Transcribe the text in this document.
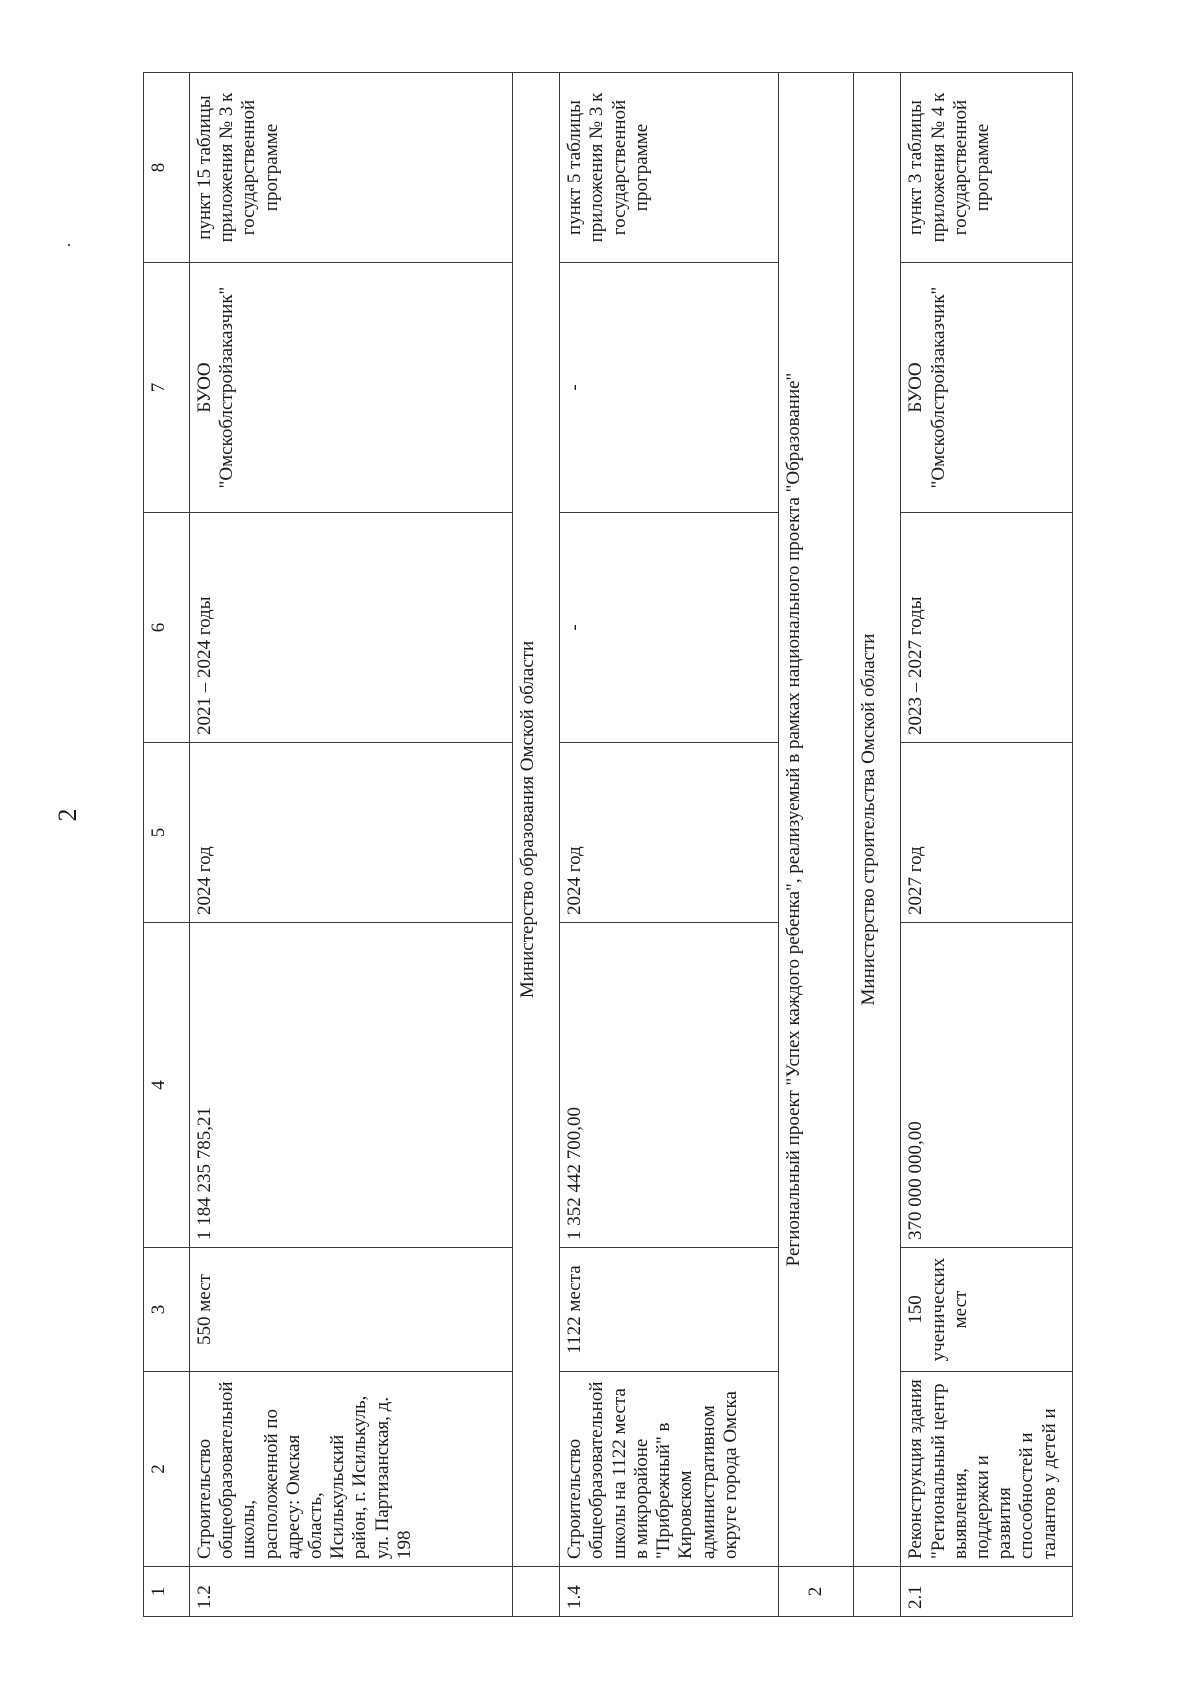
2
1	2	3	4	5	6	7	8
1.2	Строительство общеобразовательной школы, расположенной по адресу: Омская область, Исилькульский район, г. Исилькуль, ул. Партизанская, д. 198	550 мест	1 184 235 785,21	2024 год	2021 – 2024 годы	БУОО "Омскоблстройзаказчик"	пункт 15 таблицы приложения № 3 к государственной программе
	Министерство образования Омской области						
1.4	Строительство общеобразовательной школы на 1122 места в микрорайоне "Прибрежный" в Кировском административном округе города Омска	1122 места	1 352 442 700,00	2024 год	-	-	пункт 5 таблицы приложения № 3 к государственной программе
2	Региональный проект "Успех каждого ребенка", реализуемый в рамках национального проекта "Образование"						
	Министерство строительства Омской области						
2.1	Реконструкция здания "Региональный центр выявления, поддержки и развития способностей и талантов у детей и	150 ученических мест	370 000 000,00	2027 год	2023 – 2027 годы	БУОО "Омскоблстройзаказчик"	пункт 3 таблицы приложения № 4 к государственной программе
